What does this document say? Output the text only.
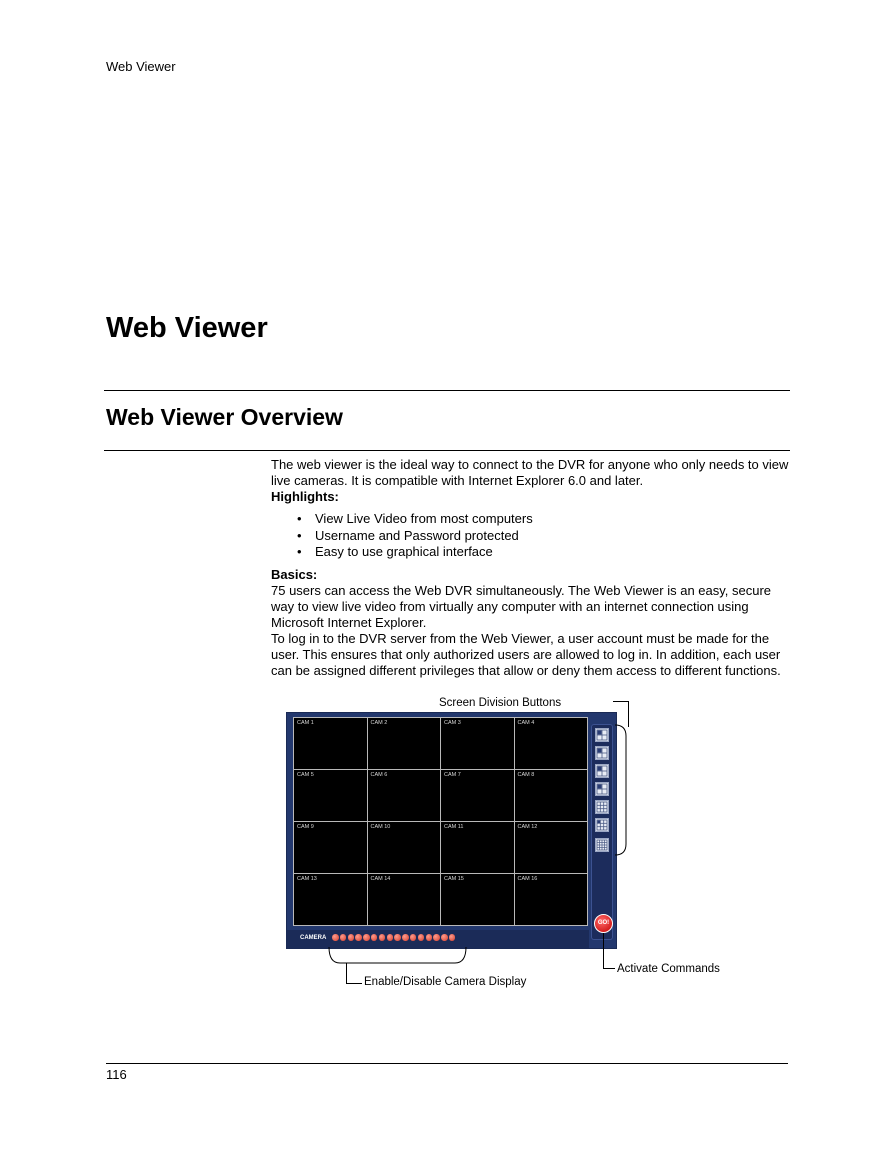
Web Viewer
Web Viewer
Web Viewer Overview

The web viewer is the ideal way to connect to the DVR for anyone who only needs to view live cameras. It is compatible with Internet Explorer 6.0 and later.

Highlights:

• View Live Video from most computers
• Username and Password protected
• Easy to use graphical interface

Basics:

75 users can access the Web DVR simultaneously. The Web Viewer is an easy, secure way to view live video from virtually any computer with an internet connection using Microsoft Internet Explorer.

To log in to the DVR server from the Web Viewer, a user account must be made for the user. This ensures that only authorized users are allowed to log in. In addition, each user can be assigned different privileges that allow or deny them access to different functions.

Screen Division Buttons
CAM 1	CAM 2	CAM 3	CAM 4
CAM 5	CAM 6	CAM 7	CAM 8
CAM 9	CAM 10	CAM 11	CAM 12
CAM 13	CAM 14	CAM 15	CAM 16
GO!
CAMERA
Enable/Disable Camera Display
Activate Commands
116
